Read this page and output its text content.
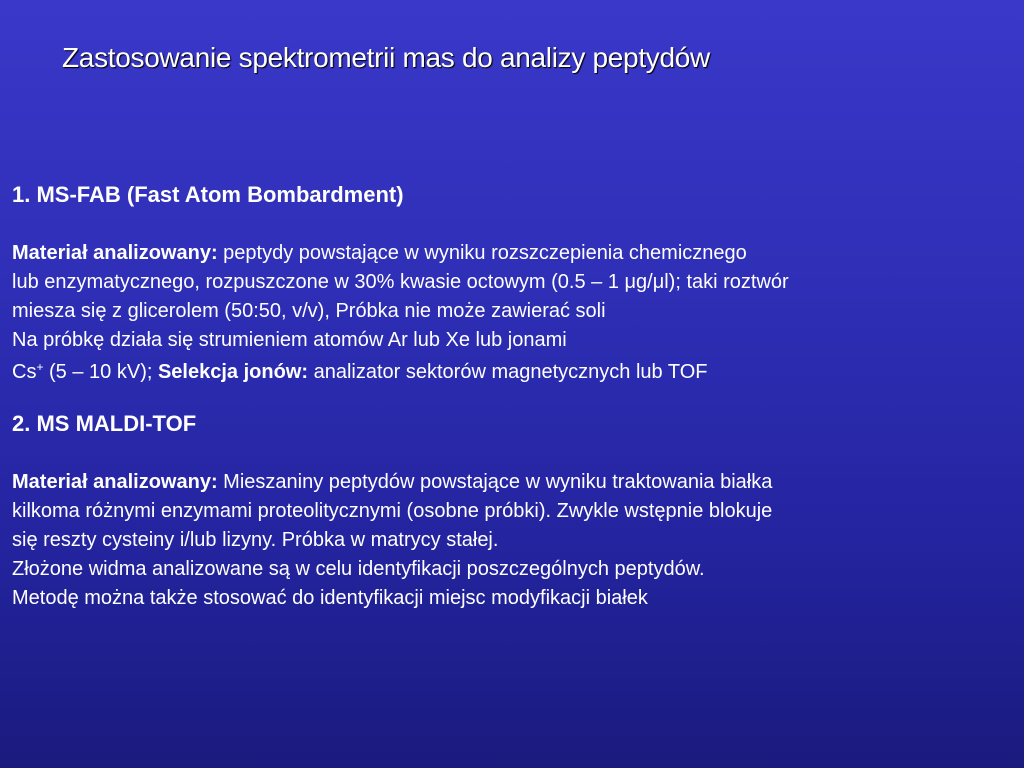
Zastosowanie spektrometrii mas do analizy peptydów

1. MS-FAB (Fast Atom Bombardment)

Materiał analizowany: peptydy powstające w wyniku rozszczepienia chemicznego

lub enzymatycznego, rozpuszczone w 30% kwasie octowym (0.5 – 1 μg/μl); taki roztwór

miesza się z glicerolem (50:50, v/v), Próbka nie może zawierać soli

Na próbkę działa się strumieniem atomów Ar lub Xe lub jonami

Cs+ (5 – 10 kV); Selekcja jonów: analizator sektorów magnetycznych lub TOF

2. MS MALDI-TOF

Materiał analizowany: Mieszaniny peptydów powstające w wyniku traktowania białka

kilkoma różnymi enzymami proteolitycznymi (osobne próbki). Zwykle wstępnie blokuje

się reszty cysteiny i/lub lizyny. Próbka w matrycy stałej.

Złożone widma analizowane są w celu identyfikacji poszczególnych peptydów.

Metodę można także stosować do identyfikacji miejsc modyfikacji białek
